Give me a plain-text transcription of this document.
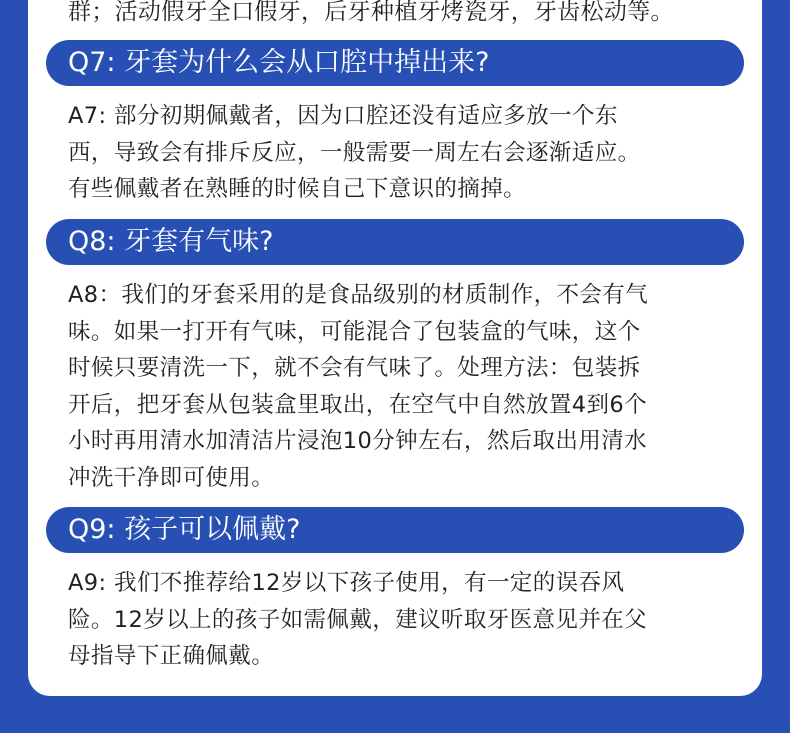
群；活动假牙全口假牙，后牙种植牙烤瓷牙，牙齿松动等。
Q7: 牙套为什么会从口腔中掉出来?
A7: 部分初期佩戴者，因为口腔还没有适应多放一个东
西，导致会有排斥反应，一般需要一周左右会逐渐适应。
有些佩戴者在熟睡的时候自己下意识的摘掉。
Q8: 牙套有气味?
A8：我们的牙套采用的是食品级别的材质制作，不会有气
味。如果一打开有气味，可能混合了包装盒的气味，这个
时候只要清洗一下，就不会有气味了。处理方法：包装拆
开后，把牙套从包装盒里取出，在空气中自然放置4到6个
小时再用清水加清洁片浸泡10分钟左右，然后取出用清水
冲洗干净即可使用。
Q9: 孩子可以佩戴?
A9: 我们不推荐给12岁以下孩子使用，有一定的误吞风
险。12岁以上的孩子如需佩戴，建议听取牙医意见并在父
母指导下正确佩戴。
